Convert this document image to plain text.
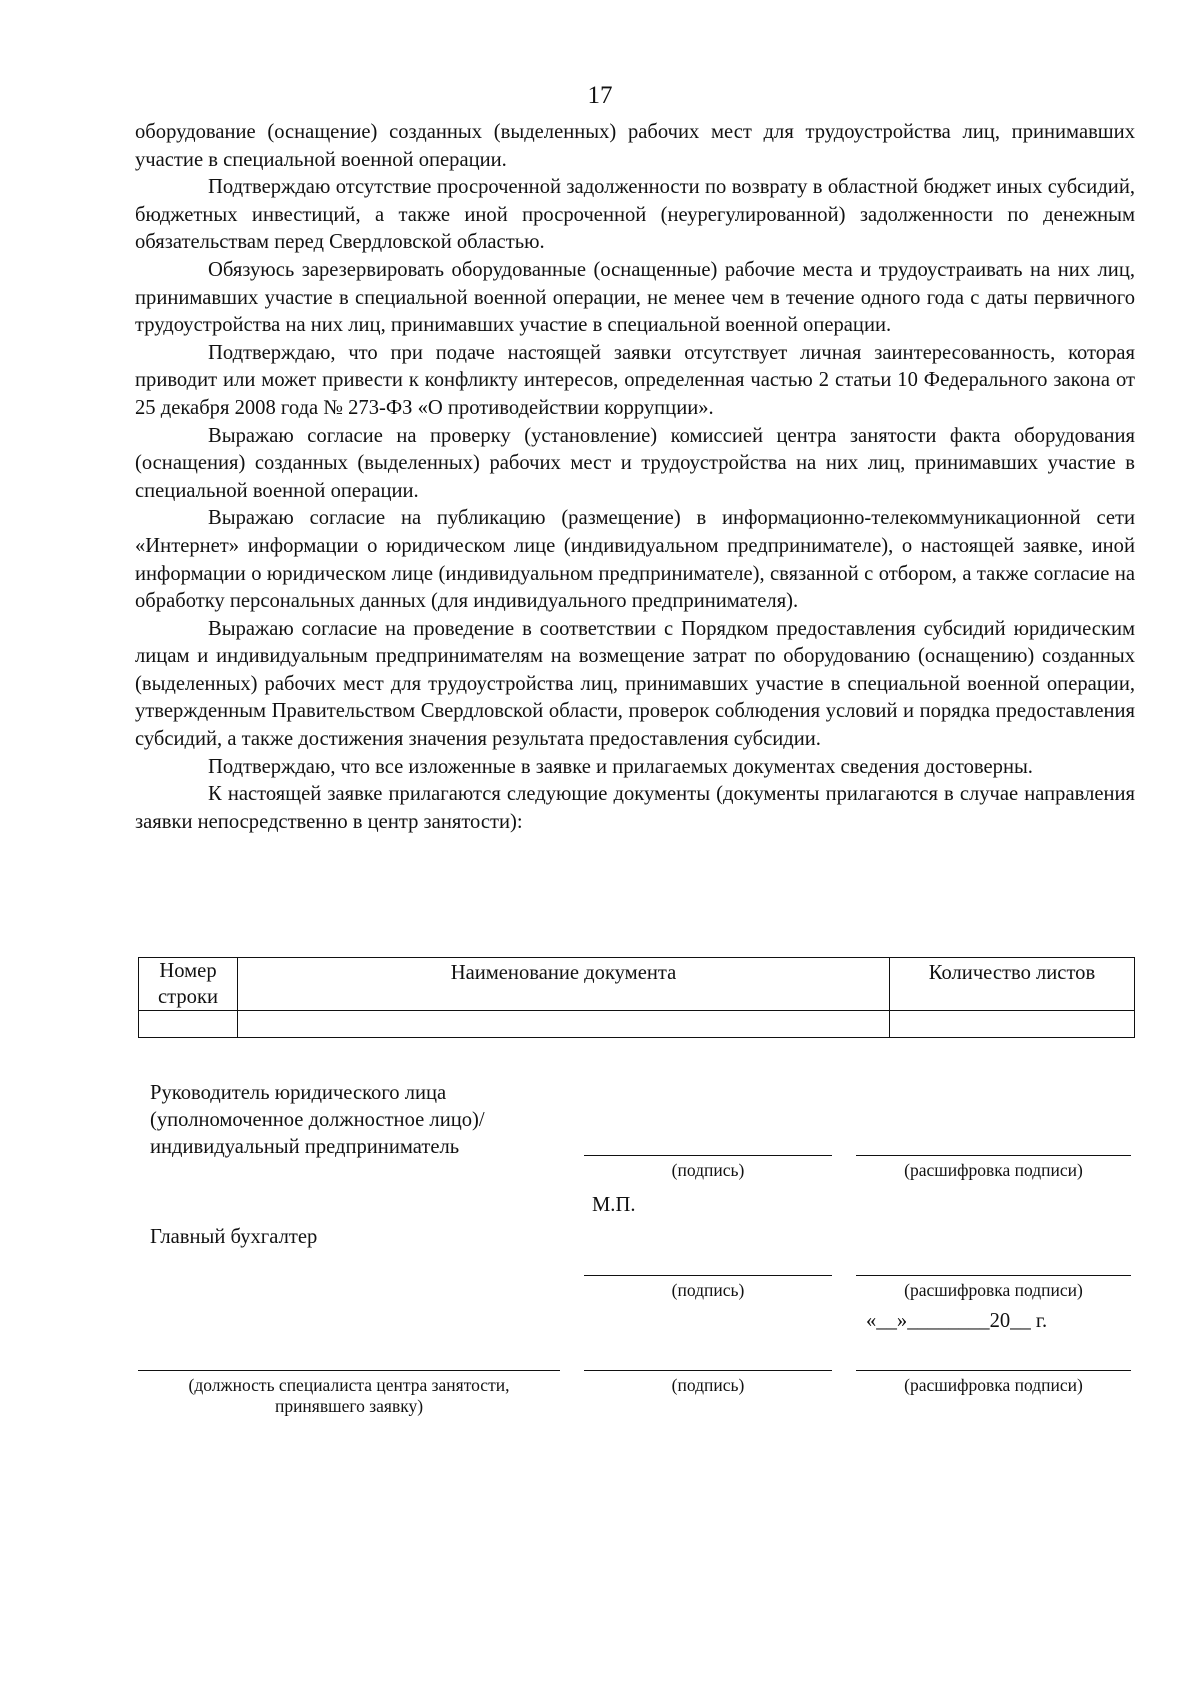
17

оборудование (оснащение) созданных (выделенных) рабочих мест для трудоустройства лиц, принимавших участие в специальной военной операции.

Подтверждаю отсутствие просроченной задолженности по возврату в областной бюджет иных субсидий, бюджетных инвестиций, а также иной просроченной (неурегулированной) задолженности по денежным обязательствам перед Свердловской областью.

Обязуюсь зарезервировать оборудованные (оснащенные) рабочие места и трудоустраивать на них лиц, принимавших участие в специальной военной операции, не менее чем в течение одного года с даты первичного трудоустройства на них лиц, принимавших участие в специальной военной операции.

Подтверждаю, что при подаче настоящей заявки отсутствует личная заинтересованность, которая приводит или может привести к конфликту интересов, определенная частью 2 статьи 10 Федерального закона от 25 декабря 2008 года № 273-ФЗ «О противодействии коррупции».

Выражаю согласие на проверку (установление) комиссией центра занятости факта оборудования (оснащения) созданных (выделенных) рабочих мест и трудоустройства на них лиц, принимавших участие в специальной военной операции.

Выражаю согласие на публикацию (размещение) в информационно-телекоммуникационной сети «Интернет» информации о юридическом лице (индивидуальном предпринимателе), о настоящей заявке, иной информации о юридическом лице (индивидуальном предпринимателе), связанной с отбором, а также согласие на обработку персональных данных (для индивидуального предпринимателя).

Выражаю согласие на проведение в соответствии с Порядком предоставления субсидий юридическим лицам и индивидуальным предпринимателям на возмещение затрат по оборудованию (оснащению) созданных (выделенных) рабочих мест для трудоустройства лиц, принимавших участие в специальной военной операции, утвержденным Правительством Свердловской области, проверок соблюдения условий и порядка предоставления субсидий, а также достижения значения результата предоставления субсидии.

Подтверждаю, что все изложенные в заявке и прилагаемых документах сведения достоверны.

К настоящей заявке прилагаются следующие документы (документы прилагаются в случае направления заявки непосредственно в центр занятости):

Номер строки	Наименование документа	Количество листов

Руководитель юридического лица
(уполномоченное должностное лицо)/
индивидуальный предприниматель
(подпись)	(расшифровка подписи)
М.П.
Главный бухгалтер
(подпись)	(расшифровка подписи)
«__»________20__ г.
(должность специалиста центра занятости,
принявшего заявку)
(подпись)	(расшифровка подписи)
